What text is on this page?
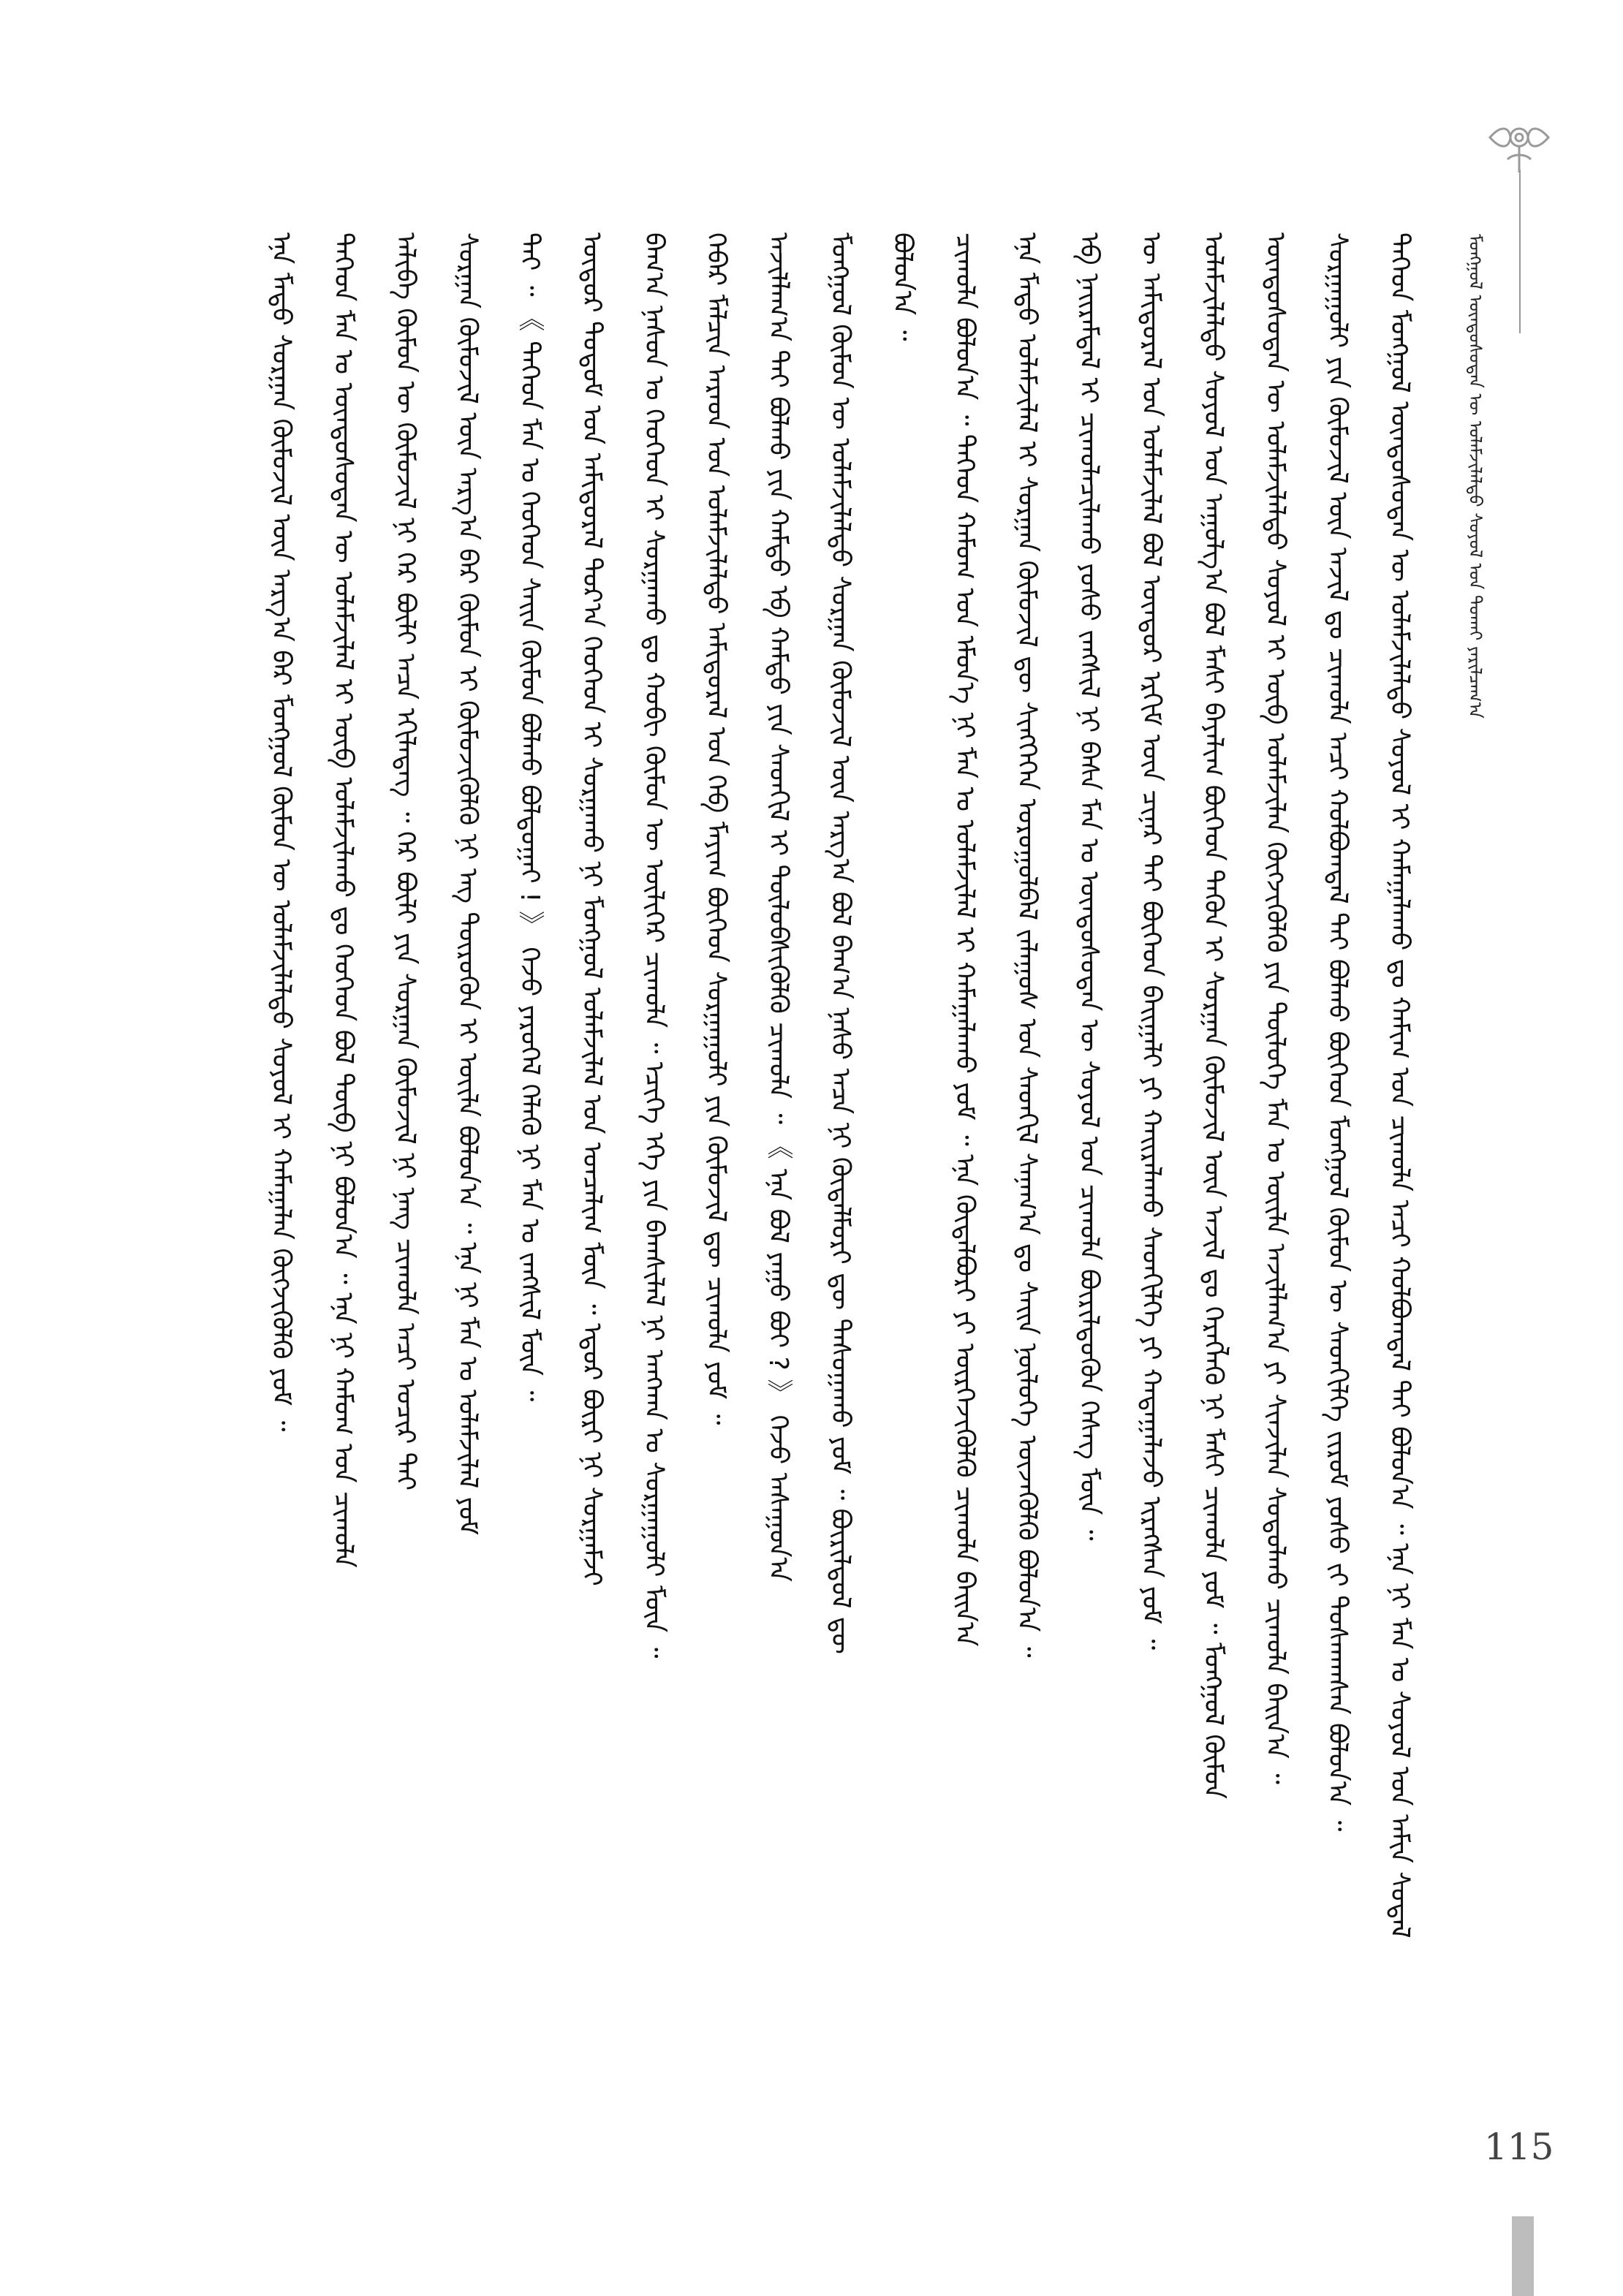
ᠮᠣᠩᠭᠣᠯ ᠥᠨᠳᠥᠰᠦᠲᠡᠨ ᠦ ᠤᠯᠠᠮᠵᠢᠯᠠᠯᠲᠤ ᠰᠣᠶᠣᠯ ᠤᠨ ᠲᠤᠬᠠᠢ ᠶᠠᠷᠢᠯᠴᠠᠭ᠎ᠠ
ᠲᠡᠭᠡᠳ ᠮᠣᠩᠭᠣᠯ ᠦᠨᠳᠦᠰᠦᠲᠡᠨ ᠦ ᠤᠯᠠᠮᠵᠢᠯᠠᠯᠲᠤ ᠰᠣᠶᠣᠯ ᠢ ᠬᠠᠮᠠᠭᠠᠯᠠᠬᠤ ᠳᠤ ᠬᠠᠮᠢᠭ ᠤᠨ ᠴᠢᠬᠤᠯᠠ ᠠᠴᠢ ᠬᠤᠯᠪᠣᠭᠳᠠᠯ ᠲᠠᠢ ᠪᠣᠯᠤᠨ᠎ᠠ ᠃ ᠡᠨᠡ ᠨᠢ ᠮᠠᠨ ᠤ ᠰᠣᠶᠣᠯ ᠤᠨ ᠠᠮᠢᠨ ᠰᠤᠳᠠᠯ
ᠰᠤᠷᠭᠠᠭᠤᠯᠢ ᠶᠢᠨ ᠬᠥᠮᠦᠵᠢᠯ ᠦᠨ ᠠᠵᠢᠯ ᠳᠤ ᠴᠢᠬᠤᠯᠠ ᠠᠴᠢ ᠬᠤᠯᠪᠣᠭᠳᠠᠯ ᠲᠠᠢ ᠪᠣᠯᠬᠤ ᠪᠥᠭᠡᠳ ᠮᠣᠩᠭᠣᠯ ᠬᠦᠮᠦᠨ ᠦ ᠰᠡᠳᠬᠢᠯᠭᠡ ᠵᠢᠷᠤᠮ ᠶᠣᠰᠤ ᠵᠢ ᠲᠤᠰᠬᠠᠭᠰᠠᠨ ᠪᠣᠯᠤᠨ᠎ᠠ ᠃
ᠦᠨᠳᠦᠰᠦᠲᠡᠨ ᠦ ᠤᠯᠠᠮᠵᠢᠯᠠᠯᠲᠤ ᠰᠣᠶᠣᠯ ᠢ ᠥᠪ ᠤᠯᠠᠮᠵᠢᠯᠠᠨ ᠬᠥᠭᠵᠢᠭᠦᠯᠬᠦ ᠶᠢᠨ ᠲᠥᠯᠦᠭᠡ ᠮᠠᠨ ᠤ ᠦᠢᠯᠡ ᠠᠵᠢᠯᠯᠠᠭ᠎ᠠ ᠶᠢ ᠰᠢᠨᠵᠢᠯᠡᠨ ᠰᠤᠳᠤᠯᠬᠤ ᠴᠢᠬᠤᠯᠠ ᠪᠠᠢᠨ᠎ᠠ ᠃
ᠤᠯᠠᠮᠵᠢᠯᠠᠯᠲᠤ ᠰᠣᠶᠣᠯ ᠤᠨ ᠠᠭᠤᠯᠭ᠎ᠠ ᠪᠣᠯ ᠮᠠᠰᠢ ᠪᠠᠶᠠᠯᠢᠭ ᠪᠥᠭᠡᠳ ᠲᠡᠭᠦᠨ ᠢ ᠰᠤᠷᠭᠠᠨ ᠬᠥᠮᠦᠵᠢᠯ ᠦᠨ ᠠᠵᠢᠯ ᠳᠤ ᠬᠡᠷᠡᠭᠯᠡᠬᠦ ᠨᠢ ᠮᠠᠰᠢ ᠴᠢᠬᠤᠯᠠ ᠶᠤᠮ ᠃ ᠮᠣᠩᠭᠣᠯ ᠬᠦᠮᠦᠨ
ᠦ ᠠᠮᠢᠳᠤᠷᠠᠯ ᠤᠨ ᠤᠯᠠᠮᠵᠢᠯᠠᠯ ᠪᠣᠯ ᠥᠨᠳᠥᠷ ᠡᠷᠬᠢᠮ ᠦᠨ ᠴᠢᠨᠠᠷ ᠲᠠᠢ ᠪᠥᠭᠡᠳ ᠪᠠᠢᠭᠠᠯᠢ ᠶᠢ ᠬᠠᠢᠷᠠᠯᠠᠬᠤ ᠰᠡᠳᠬᠢᠯᠭᠡ ᠶᠢ ᠬᠠᠳᠠᠭᠠᠯᠠᠵᠤ ᠢᠷᠡᠭᠰᠡᠨ ᠶᠤᠮ ᠃
ᠡᠪ ᠨᠠᠢᠷᠠᠮᠳᠠᠯ ᠢ ᠴᠢᠬᠤᠯᠠᠴᠢᠯᠠᠬᠤ ᠶᠣᠰᠤ ᠵᠠᠩᠰᠢᠯ ᠨᠢ ᠪᠠᠰᠠ ᠮᠠᠨ ᠤ ᠦᠨᠳᠦᠰᠦᠲᠡᠨ ᠦ ᠰᠣᠶᠣᠯ ᠤᠨ ᠴᠢᠬᠤᠯᠠ ᠪᠦᠷᠢᠯᠳᠦᠬᠦᠨ ᠬᠡᠰᠡᠭ ᠮᠥᠨ ᠃
ᠡᠨᠡ ᠮᠡᠲᠦ ᠤᠯᠠᠮᠵᠢᠯᠠᠯ ᠢ ᠰᠤᠷᠭᠠᠨ ᠬᠥᠮᠦᠵᠢᠯ ᠳᠦ ᠰᠢᠩᠭᠡᠭᠡᠨ ᠣᠷᠣᠭᠤᠯᠪᠠᠯ ᠵᠠᠯᠠᠭᠤᠰ ᠤᠨ ᠰᠡᠳᠬᠢᠯ ᠰᠠᠨᠠᠭ᠎ᠠ ᠳᠤ ᠰᠠᠢᠨ ᠨᠥᠯᠦᠭᠡ ᠦᠵᠡᠭᠦᠯᠬᠦ ᠪᠣᠯᠤᠨ᠎ᠠ ᠃
ᠴᠢᠬᠤᠯᠠ ᠪᠣᠯᠤᠨ᠎ᠠ ᠃ ᠲᠡᠭᠡᠳ ᠬᠠᠮᠤᠭ ᠤᠨ ᠡᠮᠦᠨ᠎ᠡ ᠨᠢ ᠮᠠᠨ ᠤ ᠤᠯᠠᠮᠵᠢᠯᠠᠯ ᠢ ᠬᠠᠮᠠᠭᠠᠯᠠᠬᠤ ᠶᠤᠮ ᠃ ᠡᠨᠡ ᠬᠥᠲᠡᠯᠪᠦᠷᠢ ᠶᠢ ᠥᠷᠭᠡᠵᠢᠭᠦᠯᠬᠦ ᠴᠢᠬᠤᠯᠠ ᠪᠠᠢᠨ᠎ᠠ
ᠪᠣᠯᠤᠨ᠎ᠠ ᠃
ᠮᠣᠩᠭᠣᠯ ᠬᠦᠮᠦᠨ ᠦ ᠤᠯᠠᠮᠵᠢᠯᠠᠯᠲᠤ ᠰᠤᠷᠭᠠᠨ ᠬᠥᠮᠦᠵᠢᠯ ᠦᠨ ᠠᠷᠭ᠎ᠠ ᠪᠣᠯ ᠪᠠᠭ᠎ᠠ ᠨᠠᠰᠤ ᠠᠴᠠ ᠨᠢ ᠬᠥᠳᠡᠯᠮᠦᠷᠢ ᠳᠦ ᠳᠠᠰᠤᠭᠠᠬᠤ ᠶᠤᠮ ᠃ ᠪᠦᠷᠢᠯᠳᠦᠯ ᠳᠦ
ᠠᠵᠢᠯᠯᠠᠭ᠎ᠠ ᠲᠠᠢ ᠪᠣᠯᠬᠤ ᠶᠢᠨ ᠬᠠᠮᠲᠤ ᠡᠪ ᠬᠠᠮᠲᠤ ᠶᠢᠨ ᠰᠡᠳᠬᠢᠯ ᠢ ᠲᠥᠯᠦᠪᠰᠢᠭᠦᠯᠬᠦ ᠴᠢᠬᠤᠯᠠ ᠃ 《 ᠡᠨᠡ ᠪᠣᠯ ᠶᠠᠭᠤ ᠪᠤᠢ ? 》 ᠭᠡᠵᠦ ᠠᠰᠠᠭᠤᠨ᠎ᠠ
ᠬᠡᠪᠡᠷ ᠮᠠᠯᠴᠢᠨ ᠠᠷᠠᠳ ᠤᠨ ᠤᠯᠠᠮᠵᠢᠯᠠᠯᠲᠤ ᠠᠮᠢᠳᠤᠷᠠᠯ ᠤᠨ ᠬᠡᠪ ᠮᠠᠶᠢᠭ ᠪᠥᠭᠡᠳ ᠰᠤᠷᠭᠠᠭᠤᠯᠢ ᠶᠢᠨ ᠬᠥᠮᠦᠵᠢᠯ ᠳᠦ ᠴᠢᠬᠤᠯᠠ ᠶᠤᠮ ᠃
ᠪᠠᠭ᠎ᠠ ᠨᠠᠰᠤᠨ ᠤ ᠬᠡᠦᠬᠡᠳ ᠢ ᠰᠤᠷᠭᠠᠬᠤ ᠳᠤ ᠬᠤᠪᠢ ᠬᠥᠮᠦᠨ ᠦ ᠦᠯᠢᠭᠡᠷ ᠴᠢᠬᠤᠯᠠ ᠃ ᠡᠴᠢᠭᠡ ᠡᠬᠡ ᠶᠢᠨ ᠪᠠᠭᠰᠢᠯᠠᠯ ᠨᠢ ᠠᠨᠭᠬᠠᠨ ᠤ ᠰᠤᠷᠭᠠᠭᠤᠯᠢ ᠮᠥᠨ ᠃
ᠦᠳᠦᠷ ᠲᠤᠲᠤᠮ ᠤᠨ ᠠᠮᠢᠳᠤᠷᠠᠯ ᠳᠤᠷ᠎ᠠ ᠬᠡᠦᠬᠡᠳ ᠢ ᠰᠤᠷᠭᠠᠬᠤ ᠨᠢ ᠮᠣᠩᠭᠣᠯ ᠤᠯᠠᠮᠵᠢᠯᠠᠯ ᠤᠨ ᠣᠨᠴᠠᠯᠢᠭ ᠮᠥᠨ ᠃ ᠡᠳᠦᠷ ᠪᠦᠷᠢ ᠨᠢ ᠰᠤᠷᠭᠠᠮᠵᠢ
ᠲᠠᠢ ᠃ 《 ᠲᠡᠭᠡᠳ ᠮᠠᠨ ᠤ ᠬᠡᠦᠬᠡᠳ ᠰᠠᠢᠨ ᠬᠦᠮᠦᠨ ᠪᠣᠯᠬᠤ ᠪᠣᠯᠲᠤᠭᠠᠢ ! 》 ᠭᠡᠵᠦ ᠶᠡᠷᠦᠭᠡᠯ ᠬᠡᠯᠡᠬᠦ ᠨᠢ ᠮᠠᠨ ᠤ ᠵᠠᠩᠰᠢᠯ ᠮᠥᠨ ᠃
ᠰᠤᠷᠭᠠᠨ ᠬᠥᠮᠦᠵᠢᠯ ᠦᠨ ᠠᠷᠭ᠎ᠠ ᠪᠠᠷ ᠬᠦᠮᠦᠨ ᠢ ᠬᠥᠮᠦᠵᠢᠭᠦᠯᠬᠦ ᠨᠢ ᠡᠩ ᠲᠦᠷᠦᠭᠦᠨ ᠢ ᠦᠢᠯᠡ ᠪᠣᠯᠤᠨ᠎ᠠ ᠃ ᠡᠨᠡ ᠨᠢ ᠮᠠᠨ ᠤ ᠤᠯᠠᠮᠵᠢᠯᠠᠯ ᠶᠤᠮ
ᠠᠯᠢᠪᠠ ᠬᠦᠮᠦᠨ ᠦ ᠬᠥᠮᠦᠵᠢᠯ ᠨᠢ ᠭᠡᠷ ᠪᠦᠯᠢ ᠠᠴᠠ ᠡᠬᠢᠯᠡᠳᠡᠭ ᠃ ᠭᠡᠷ ᠪᠦᠯᠢ ᠶᠢᠨ ᠰᠤᠷᠭᠠᠨ ᠬᠥᠮᠦᠵᠢᠯ ᠨᠢ ᠨᠡᠩ ᠴᠢᠬᠤᠯᠠ ᠠᠴᠢ ᠤᠴᠢᠷ ᠲᠠᠢ
ᠲᠡᠭᠡᠳ ᠮᠠᠨ ᠤ ᠦᠨᠳᠦᠰᠦᠲᠡᠨ ᠦ ᠤᠯᠠᠮᠵᠢᠯᠠᠯ ᠢ ᠥᠪ ᠤᠯᠠᠮᠵᠢᠯᠠᠬᠤ ᠳᠤ ᠬᠡᠦᠬᠡᠳ ᠪᠣᠯ ᠲᠥᠪ ᠨᠢ ᠪᠣᠯᠤᠨ᠎ᠠ ᠃ ᠡᠨᠡ ᠨᠢ ᠬᠠᠮᠤᠭ ᠤᠨ ᠴᠢᠬᠤᠯᠠ
ᠡᠨᠡ ᠮᠡᠲᠦ ᠰᠤᠷᠭᠠᠨ ᠬᠥᠮᠦᠵᠢᠯ ᠦᠨ ᠠᠷᠭ᠎ᠠ ᠪᠠᠷ ᠮᠣᠩᠭᠣᠯ ᠬᠦᠮᠦᠨ ᠦ ᠤᠯᠠᠮᠵᠢᠯᠠᠯᠲᠤ ᠰᠣᠶᠣᠯ ᠢ ᠬᠠᠮᠠᠭᠠᠯᠠᠨ ᠬᠥᠭᠵᠢᠭᠦᠯᠬᠦ ᠶᠤᠮ ᠃
115
